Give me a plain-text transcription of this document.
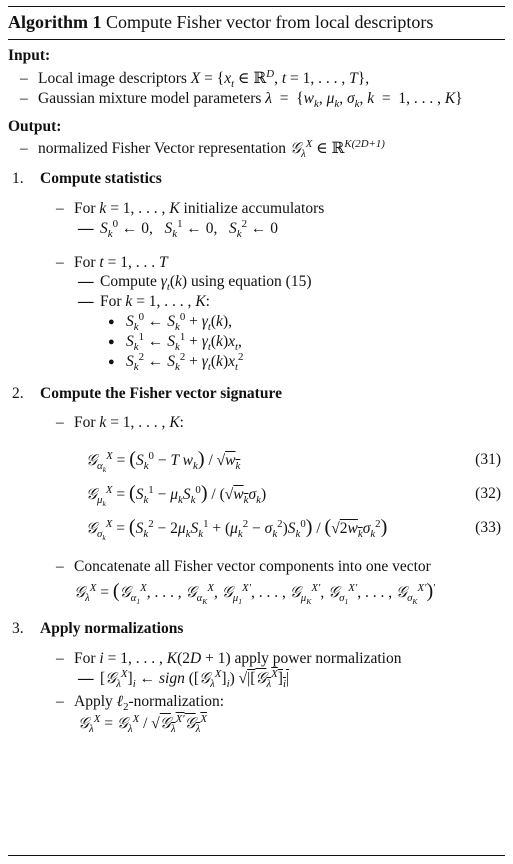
Algorithm 1 Compute Fisher vector from local descriptors
Input:
– Local image descriptors $X = \{x_t$ ∈ ℝ$^D$, t = 1, . . . , T},
– Gaussian mixture model parameters $\lambda = \{w_k$, $\mu_k$, $\sigma_k$, k  =  1, . . . , K}
Output:
– normalized Fisher Vector representation 𝒢$_\lambda^X$ ∈ ℝ$^{K(2D+1)}$
1. Compute statistics
– For k = 1, . . . , K initialize accumulators
— $S_k^0$ ← 0,   $S_k^1$ ← 0,   $S_k^2$ ← 0
– For t = 1, . . . T
— Compute $\gamma_t(k)$ using equation (15)
— For k = 1, . . . , K:
● $S_k^0$ ← $S_k^0 + \gamma_t(k)$,
● $S_k^1$ ← $S_k^1 + \gamma_t(k)x_t$,
● $S_k^2$ ← $S_k^2 + \gamma_t(k)x_t^2$
2. Compute the Fisher vector signature
– For k = 1, . . . , K:
𝒢$_{\alpha_k}^X$ = ($S_k^0 - T$ $w_k) / √w_k$	(31)
𝒢$_{\mu_k}^X$ = $(S_k^1 - \mu_kS_k^0) / (√w_k\sigma_k)$	(32)
𝒢$_{\sigma_k}^X$ = $(S_k^2 - 2\mu_kS_k^1 + (\mu_k^2 - \sigma_k^2)S_k^0) / (√2w_k\sigma_k^2)$	(33)
– Concatenate all Fisher vector components into one vector
𝒢$_\lambda^X$ = (𝒢$_{\alpha_1}^X$, . . . , 𝒢$_{\alpha_K}^X$, 𝒢$_{\mu_1}^{X'}$, . . . , 𝒢$_{\mu_K}^{X'}$, 𝒢$_{\sigma_1}^{X'}$, . . . , 𝒢$_{\sigma_K}^{X'}$)′
3. Apply normalizations
– For i = 1, . . . , K(2D + 1) apply power normalization
— $[𝒢_\lambda^X]_i$ ← sign $([𝒢_\lambda^X]_i)$ $√|[𝒢_\lambda^X]_i|$
– Apply ℓ$_2$-normalization:
𝒢$_\lambda^X$ = 𝒢$_\lambda^X$ / √𝒢$_\lambda^{X'}$𝒢$_\lambda^X$
